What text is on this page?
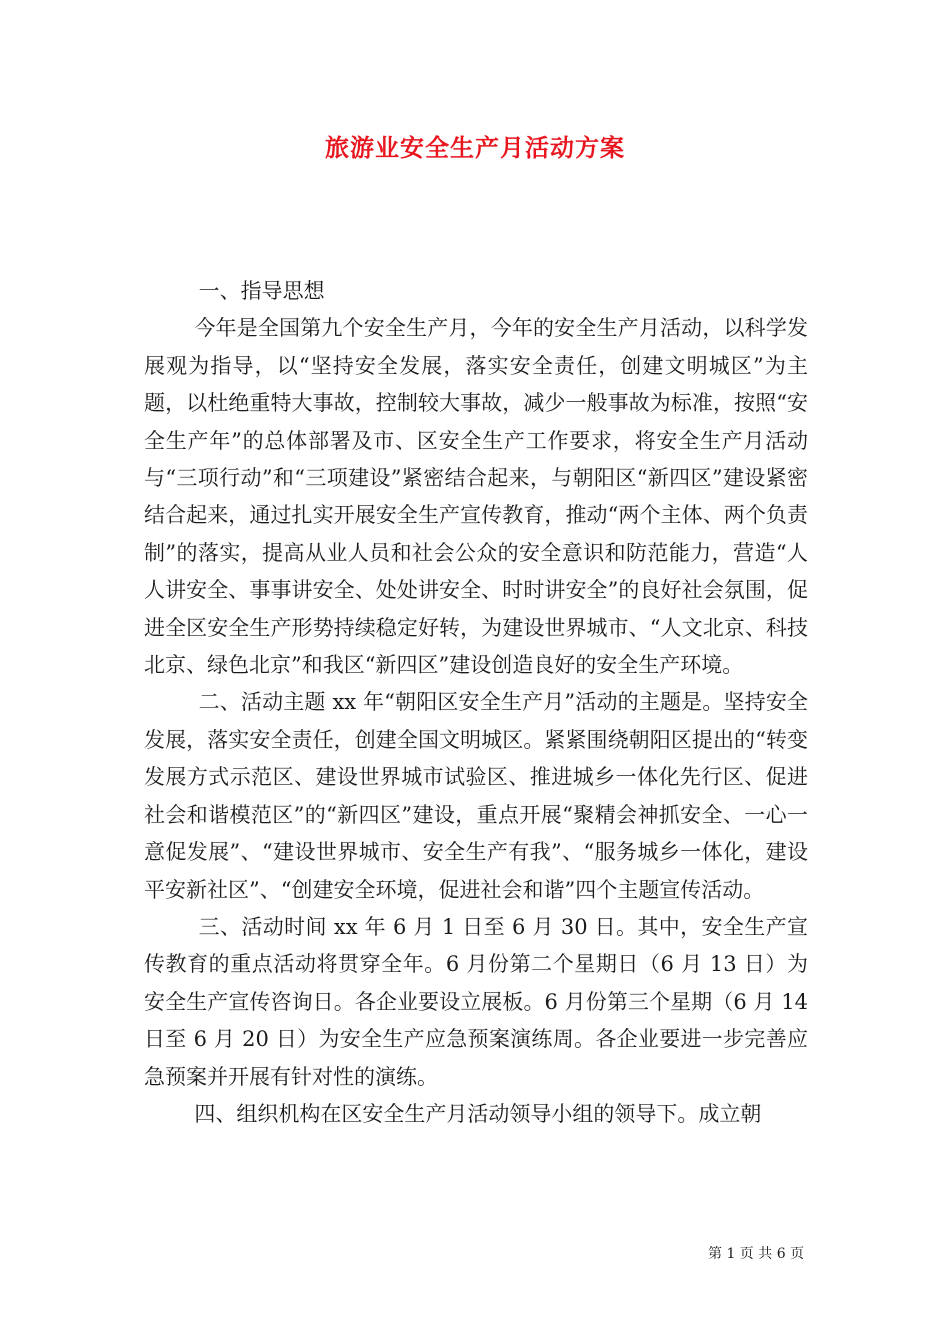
旅游业安全生产月活动方案

一、指导思想

今年是全国第九个安全生产月，今年的安全生产月活动，以科学发展观为指导，以“坚持安全发展，落实安全责任，创建文明城区”为主题，以杜绝重特大事故，控制较大事故，减少一般事故为标准，按照“安全生产年”的总体部署及市、区安全生产工作要求，将安全生产月活动与“三项行动”和“三项建设”紧密结合起来，与朝阳区“新四区”建设紧密结合起来，通过扎实开展安全生产宣传教育，推动“两个主体、两个负责制”的落实，提高从业人员和社会公众的安全意识和防范能力，营造“人人讲安全、事事讲安全、处处讲安全、时时讲安全”的良好社会氛围，促进全区安全生产形势持续稳定好转，为建设世界城市、“人文北京、科技北京、绿色北京”和我区“新四区”建设创造良好的安全生产环境。

二、活动主题 xx 年“朝阳区安全生产月”活动的主题是。坚持安全发展，落实安全责任，创建全国文明城区。紧紧围绕朝阳区提出的“转变发展方式示范区、建设世界城市试验区、推进城乡一体化先行区、促进社会和谐模范区”的“新四区”建设，重点开展“聚精会神抓安全、一心一意促发展”、“建设世界城市、安全生产有我”、“服务城乡一体化，建设平安新社区”、“创建安全环境，促进社会和谐”四个主题宣传活动。

三、活动时间 xx 年 6 月 1 日至 6 月 30 日。其中，安全生产宣传教育的重点活动将贯穿全年。6 月份第二个星期日（6 月 13 日）为安全生产宣传咨询日。各企业要设立展板。6 月份第三个星期（6 月 14 日至 6 月 20 日）为安全生产应急预案演练周。各企业要进一步完善应急预案并开展有针对性的演练。

四、组织机构在区安全生产月活动领导小组的领导下。成立朝

第 1 页 共 6 页
